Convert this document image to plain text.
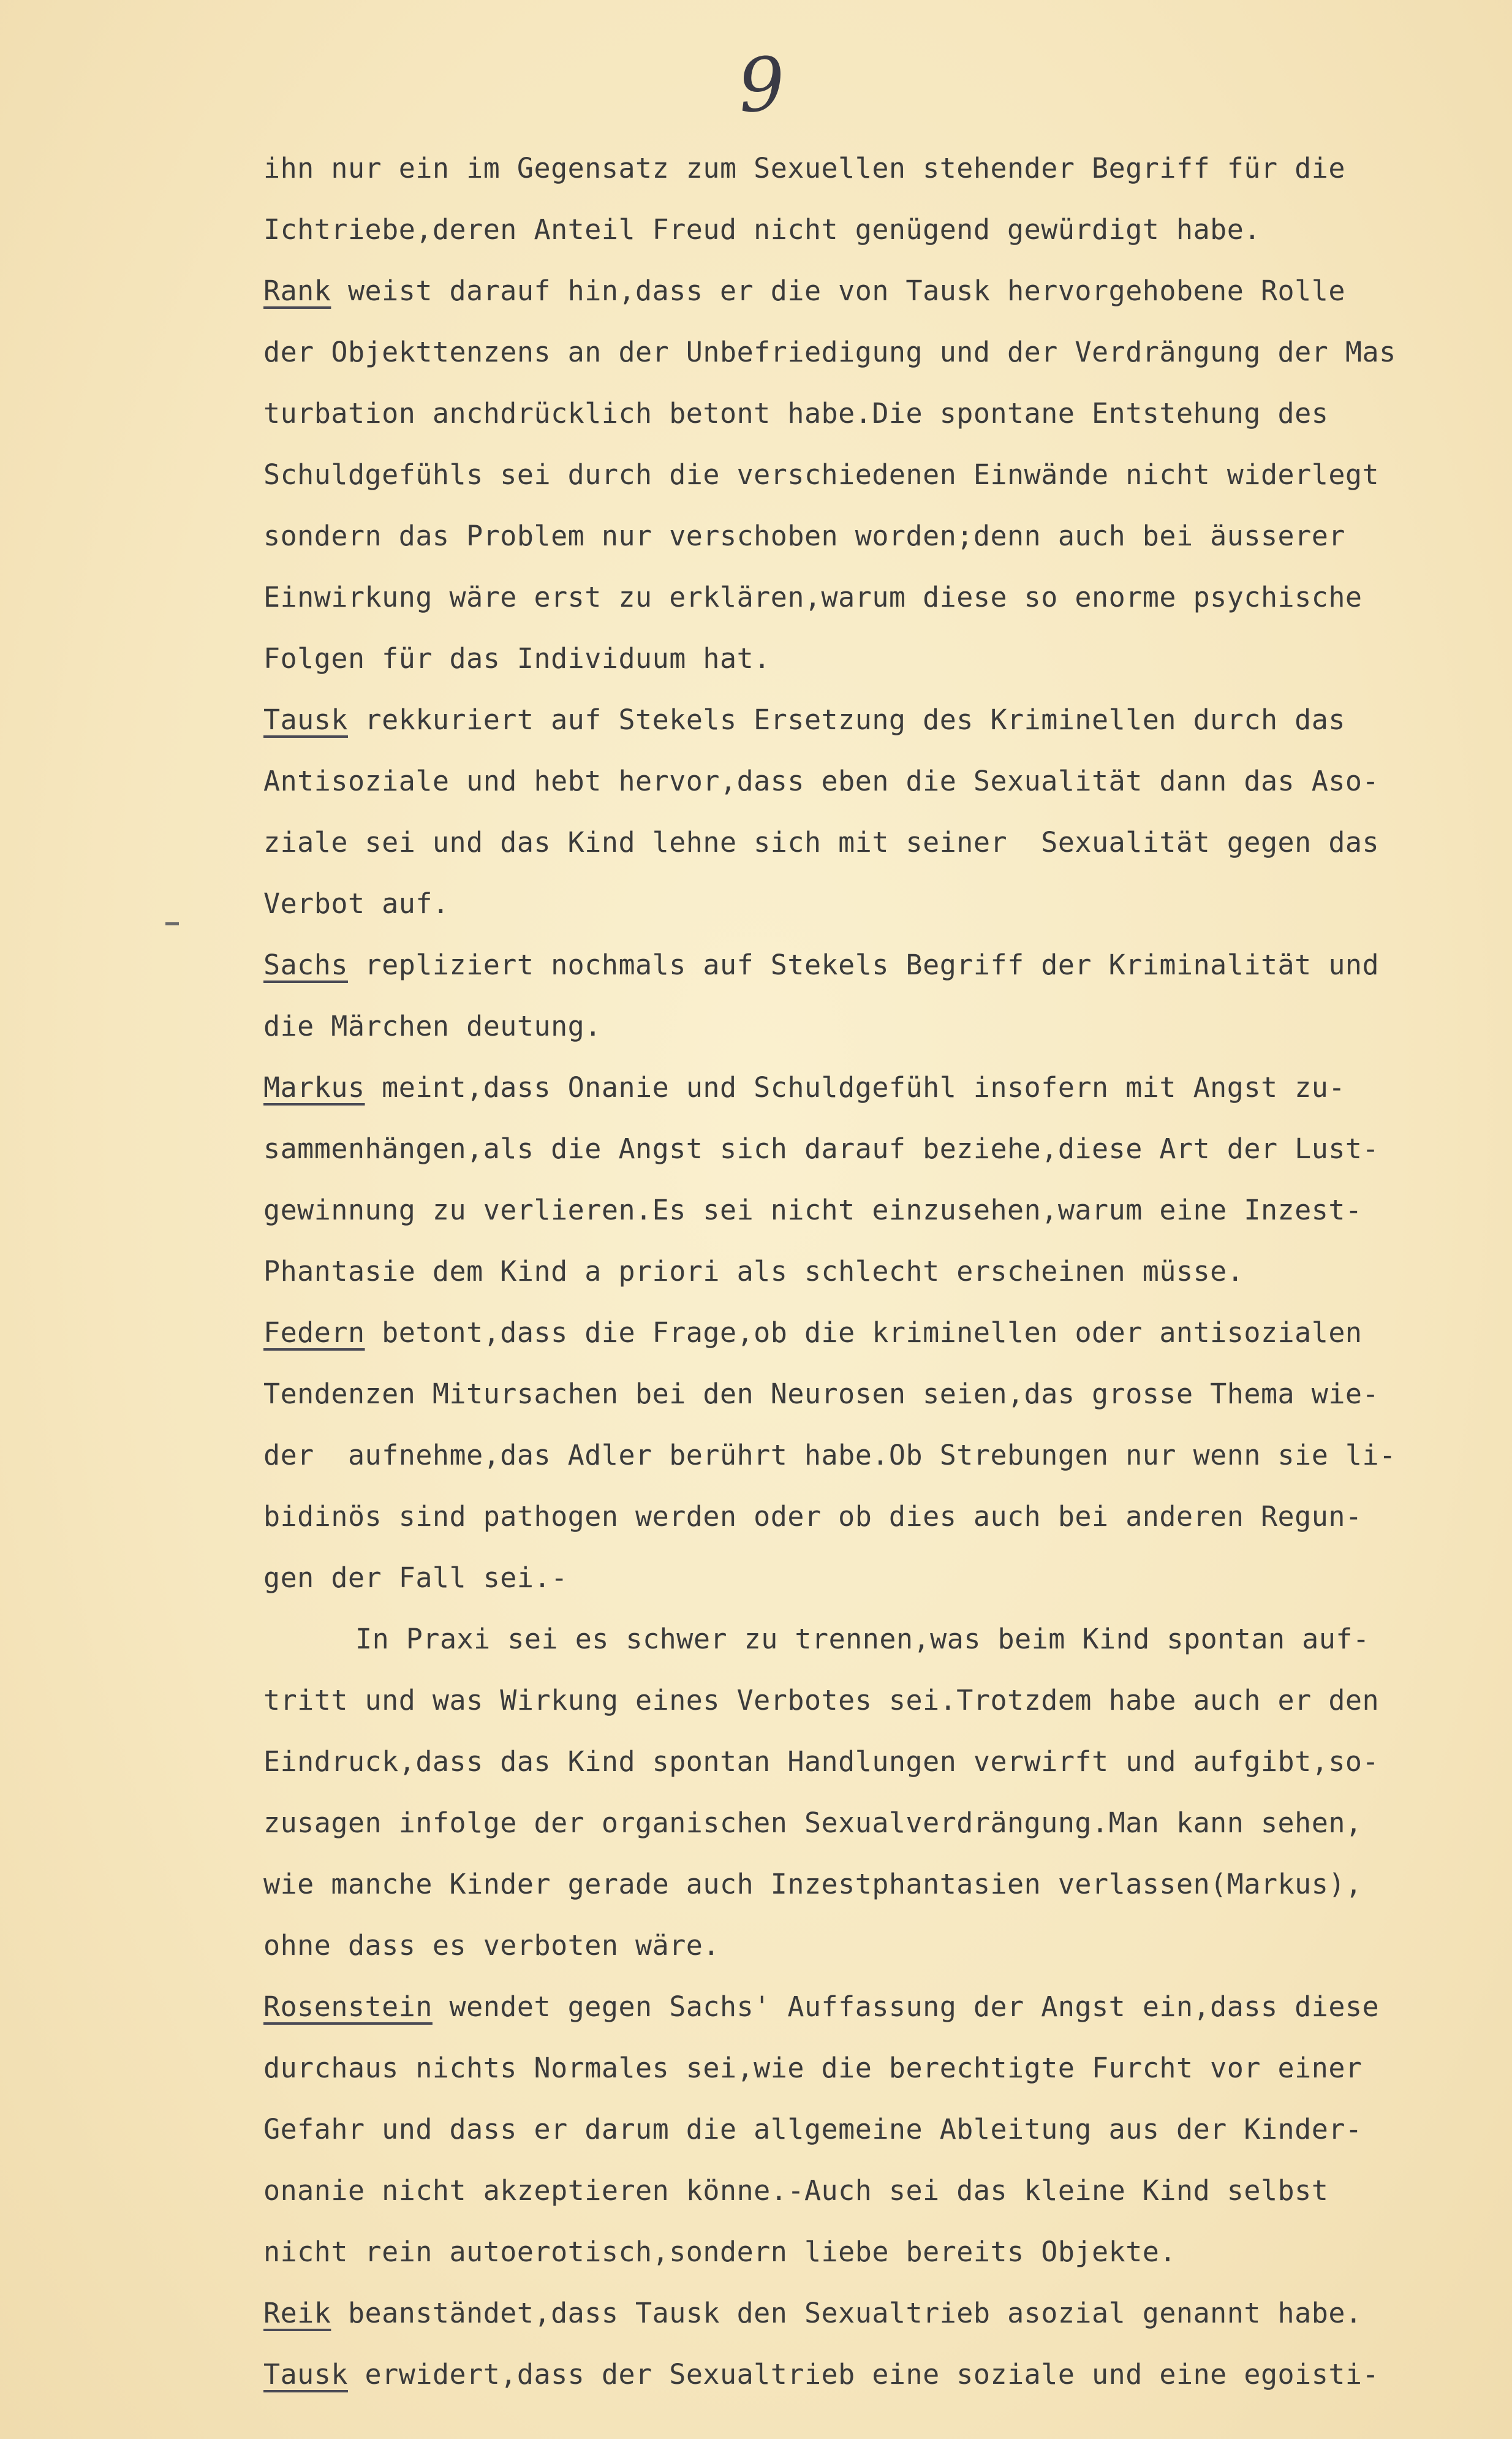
9
ihn nur ein im Gegensatz zum Sexuellen stehender Begriff für die
Ichtriebe,deren Anteil Freud nicht genügend gewürdigt habe.
Rank weist darauf hin,dass er die von Tausk hervorgehobene Rolle
der Objekttenzens an der Unbefriedigung und der Verdrängung der Mas
turbation anchdrücklich betont habe.Die spontane Entstehung des
Schuldgefühls sei durch die verschiedenen Einwände nicht widerlegt
sondern das Problem nur verschoben worden;denn auch bei äusserer
Einwirkung wäre erst zu erklären,warum diese so enorme psychische
Folgen für das Individuum hat.
Tausk rekkuriert auf Stekels Ersetzung des Kriminellen durch das
Antisoziale und hebt hervor,dass eben die Sexualität dann das Aso-
ziale sei und das Kind lehne sich mit seiner  Sexualität gegen das
Verbot auf.
Sachs repliziert nochmals auf Stekels Begriff der Kriminalität und
die Märchen deutung.
Markus meint,dass Onanie und Schuldgefühl insofern mit Angst zu-
sammenhängen,als die Angst sich darauf beziehe,diese Art der Lust-
gewinnung zu verlieren.Es sei nicht einzusehen,warum eine Inzest-
Phantasie dem Kind a priori als schlecht erscheinen müsse.
Federn betont,dass die Frage,ob die kriminellen oder antisozialen
Tendenzen Mitursachen bei den Neurosen seien,das grosse Thema wie-
der  aufnehme,das Adler berührt habe.Ob Strebungen nur wenn sie li-
bidinös sind pathogen werden oder ob dies auch bei anderen Regun-
gen der Fall sei.-
In Praxi sei es schwer zu trennen,was beim Kind spontan auf-
tritt und was Wirkung eines Verbotes sei.Trotzdem habe auch er den
Eindruck,dass das Kind spontan Handlungen verwirft und aufgibt,so-
zusagen infolge der organischen Sexualverdrängung.Man kann sehen,
wie manche Kinder gerade auch Inzestphantasien verlassen(Markus),
ohne dass es verboten wäre.
Rosenstein wendet gegen Sachs' Auffassung der Angst ein,dass diese
durchaus nichts Normales sei,wie die berechtigte Furcht vor einer
Gefahr und dass er darum die allgemeine Ableitung aus der Kinder-
onanie nicht akzeptieren könne.-Auch sei das kleine Kind selbst
nicht rein autoerotisch,sondern liebe bereits Objekte.
Reik beanständet,dass Tausk den Sexualtrieb asozial genannt habe.
Tausk erwidert,dass der Sexualtrieb eine soziale und eine egoisti-
